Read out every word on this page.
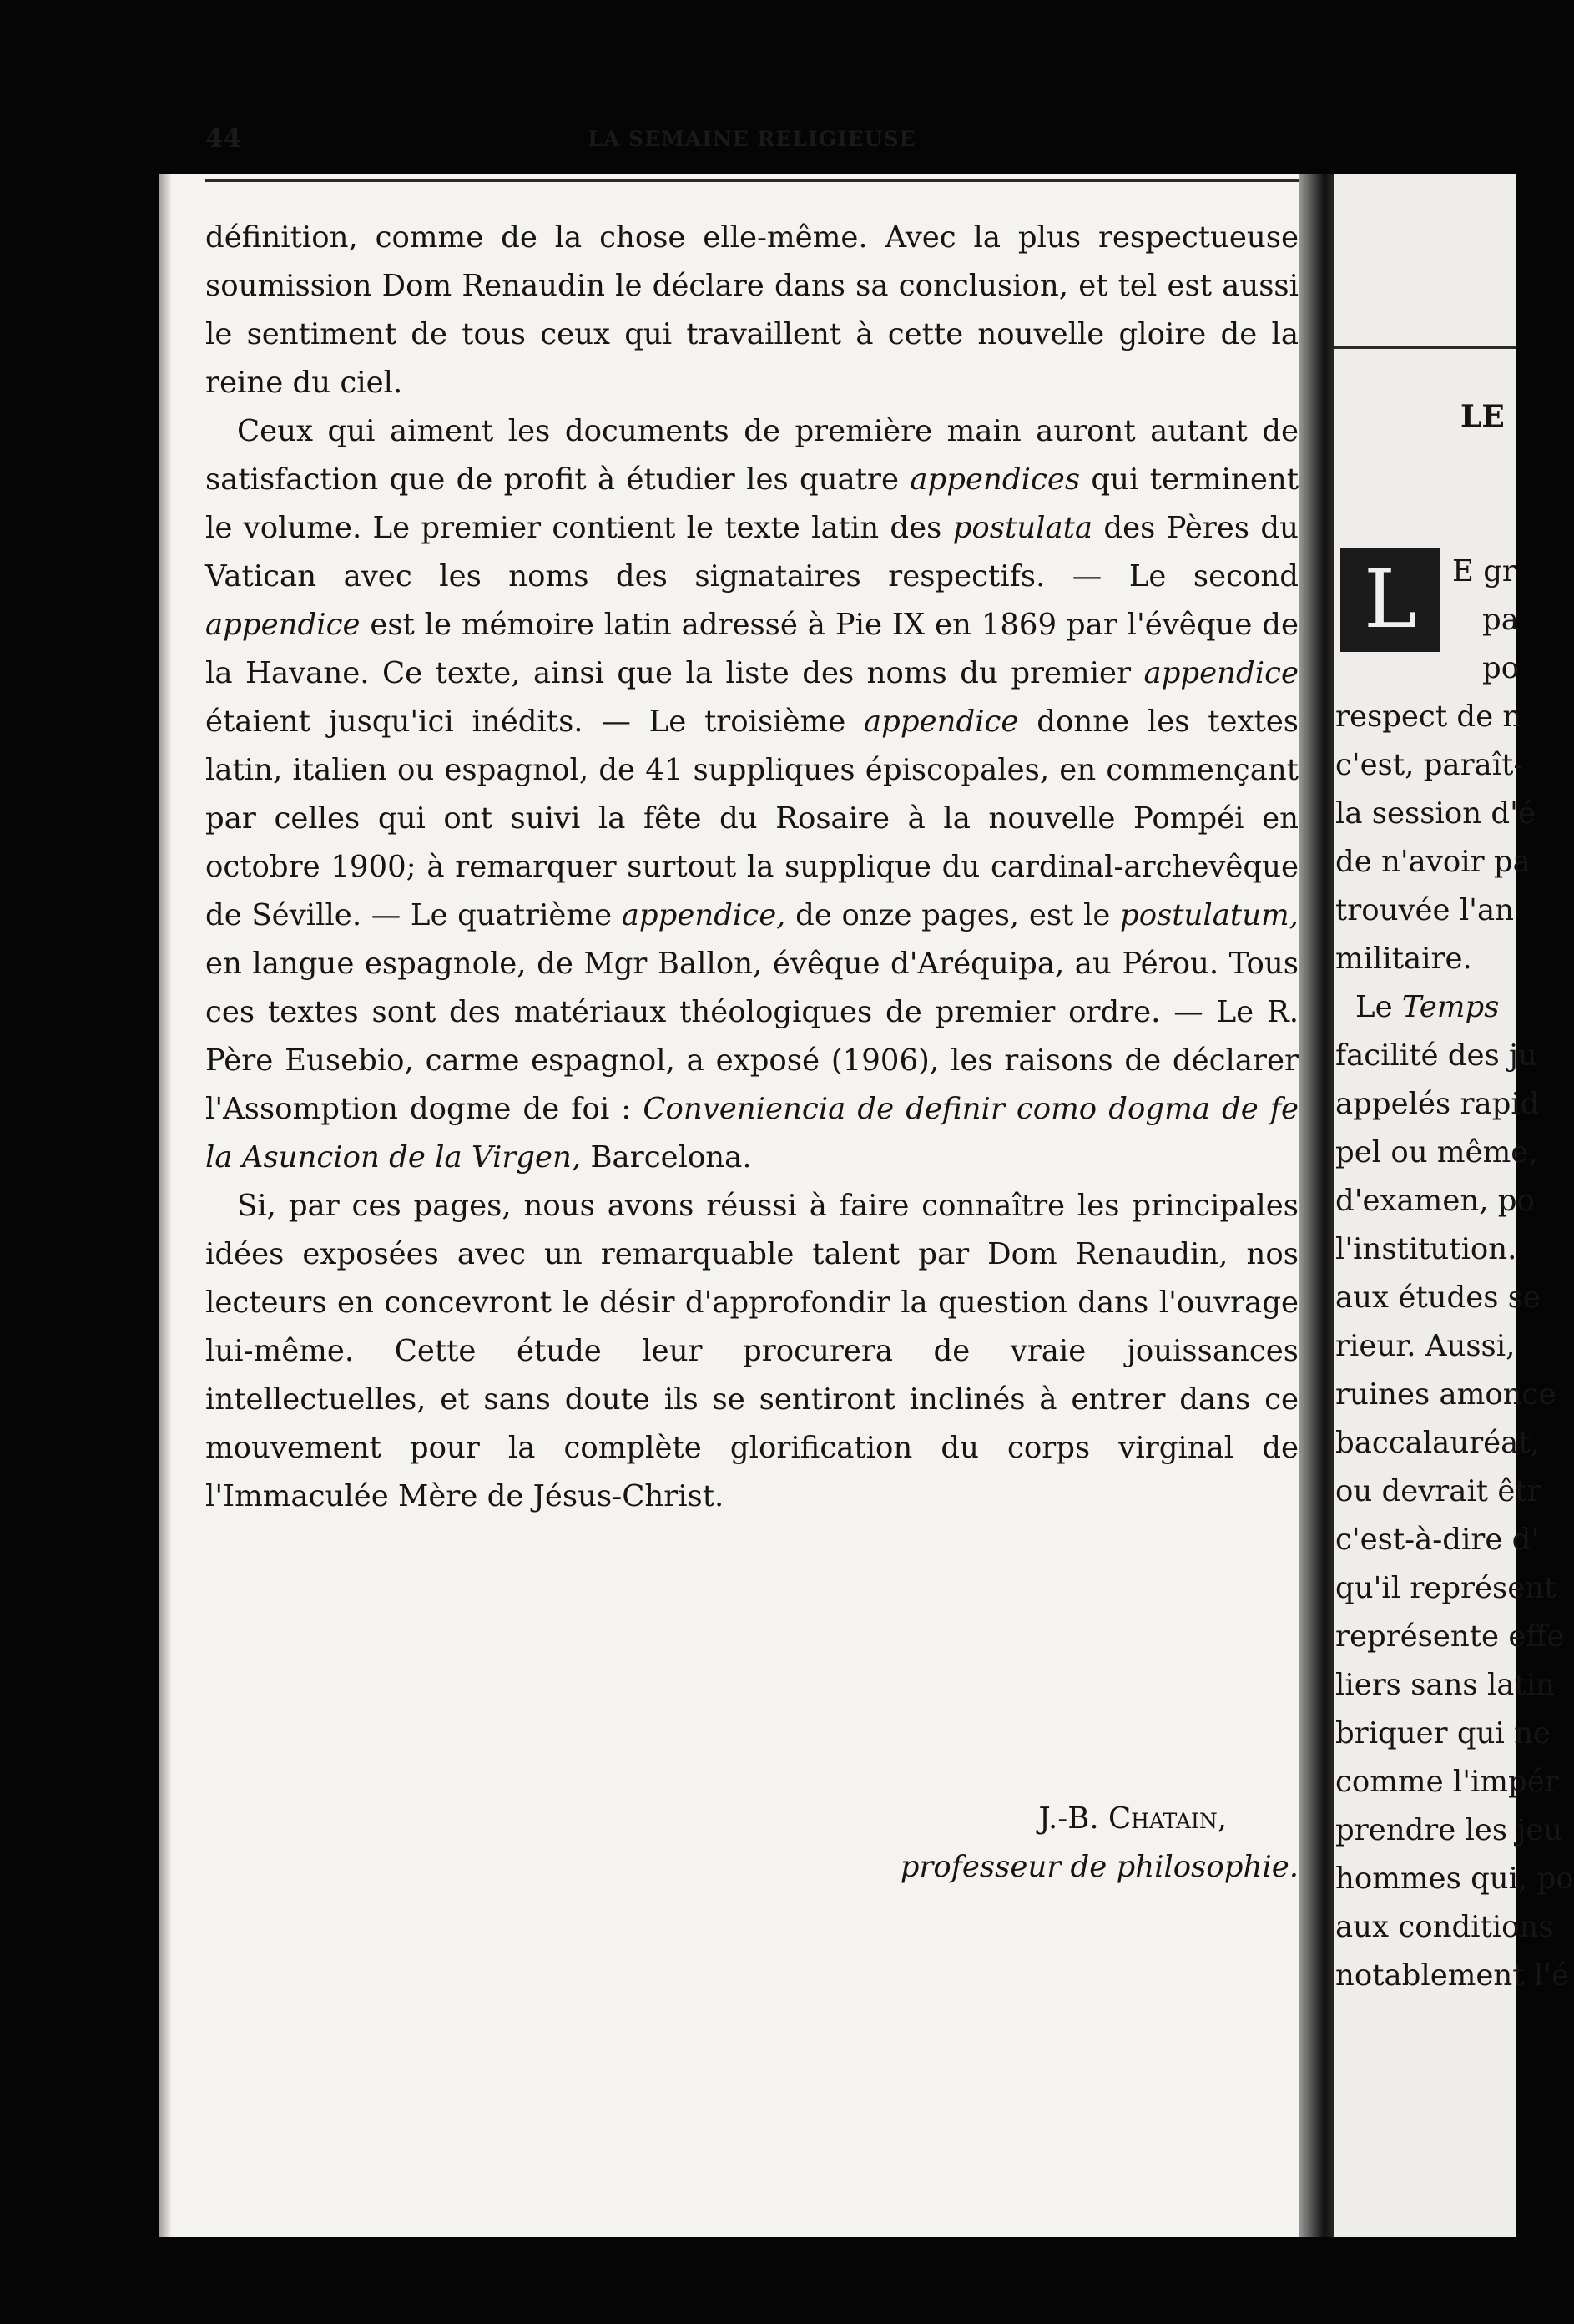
44	LA SEMAINE RELIGIEUSE

définition, comme de la chose elle-même. Avec la plus respectueuse soumission Dom Renaudin le déclare dans sa conclusion, et tel est aussi le sentiment de tous ceux qui travaillent à cette nouvelle gloire de la reine du ciel.

Ceux qui aiment les documents de première main auront autant de satisfaction que de profit à étudier les quatre appendices qui terminent le volume. Le premier contient le texte latin des postulata des Pères du Vatican avec les noms des signataires respectifs. — Le second appendice est le mémoire latin adressé à Pie IX en 1869 par l'évêque de la Havane. Ce texte, ainsi que la liste des noms du premier appendice étaient jusqu'ici inédits. — Le troisième appendice donne les textes latin, italien ou espagnol, de 41 suppliques épiscopales, en commençant par celles qui ont suivi la fête du Rosaire à la nouvelle Pompéi en octobre 1900; à remarquer surtout la supplique du cardinal-archevêque de Séville. — Le quatrième appendice, de onze pages, est le postulatum, en langue espagnole, de Mgr Ballon, évêque d'Aréquipa, au Pérou. Tous ces textes sont des matériaux théologiques de premier ordre. — Le R. Père Eusebio, carme espagnol, a exposé (1906), les raisons de déclarer l'Assomption dogme de foi : Conveniencia de definir como dogma de fe la Asuncion de la Virgen, Barcelona.

Si, par ces pages, nous avons réussi à faire connaître les principales idées exposées avec un remarquable talent par Dom Renaudin, nos lecteurs en concevront le désir d'approfondir la question dans l'ouvrage lui-même. Cette étude leur procurera de vraie jouissances intellectuelles, et sans doute ils se sentiront inclinés à entrer dans ce mouvement pour la complète glorification du corps virginal de l'Immaculée Mère de Jésus-Christ.

J.-B. Chatain,
professeur de philosophie.
LE
L	E gr
pa
po
respect de n
c'est, paraît-
la session d'é
de n'avoir pa
trouvée l'an
militaire.
Le Temps
facilité des ju
appelés rapid
pel ou même,
d'examen, po
l'institution.
aux études se
rieur. Aussi,
ruines amonce
baccalauréat,
ou devrait êtr
c'est-à-dire d'
qu'il représent
représente effe
liers sans latin
briquer qui ne
comme l'impér
prendre les jeu
hommes qui, po
aux conditions
notablement l'é
